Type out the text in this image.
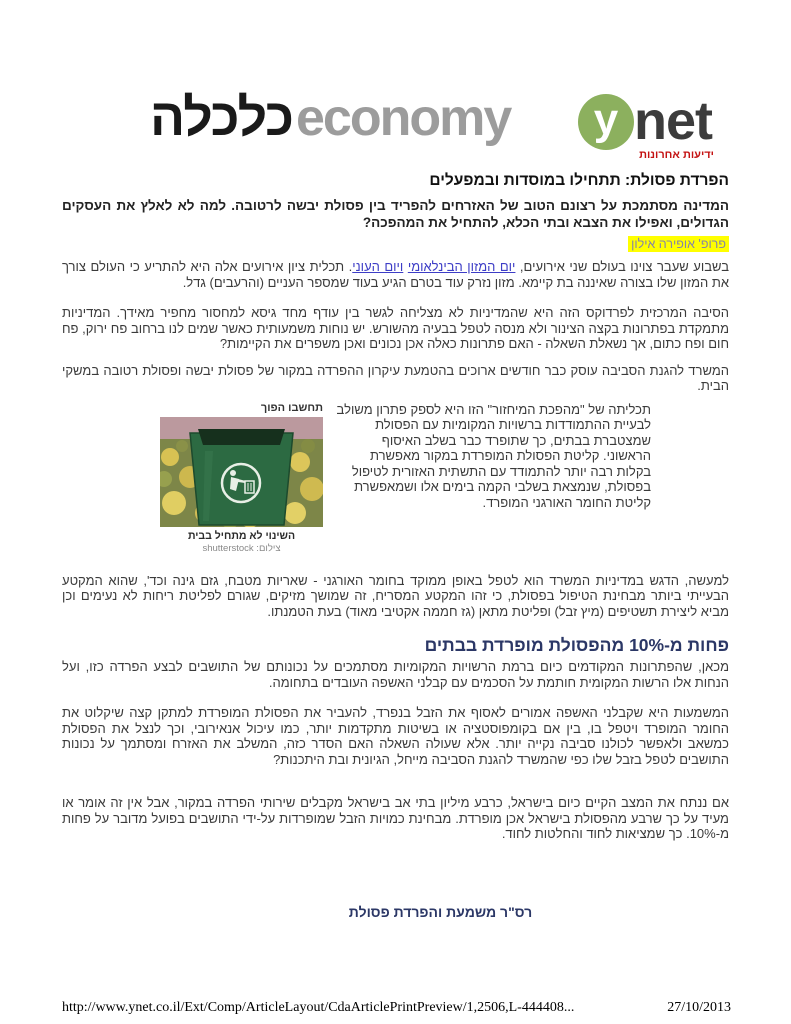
כלכלה economy	y net
ידיעות אחרונות
הפרדת פסולת: תתחילו במוסדות ובמפעלים
המדינה מסתמכת על רצונם הטוב של האזרחים להפריד בין פסולת יבשה לרטובה. למה לא לאלץ את העסקים הגדולים, ואפילו את הצבא ובתי הכלא, להתחיל את המהפכה?
פרופ' אופירה אילון

בשבוע שעבר צוינו בעולם שני אירועים, יום המזון הבינלאומי ויום העוני. תכלית ציון אירועים אלה היא להתריע כי העולם צורך את המזון שלו בצורה שאיננה בת קיימא. מזון נזרק עוד בטרם הגיע בעוד שמספר העניים (והרעבים) גדל.

הסיבה המרכזית לפרדוקס הזה היא שהמדיניות לא מצליחה לגשר בין עודף מחד גיסא למחסור מחפיר מאידך. המדיניות מתמקדת בפתרונות בקצה הצינור ולא מנסה לטפל בבעיה מהשורש. יש נוחות משמעותית כאשר שמים לנו ברחוב פח ירוק, פח חום ופח כתום, אך נשאלת השאלה - האם פתרונות כאלה אכן נכונים ואכן משפרים את הקיימות?

המשרד להגנת הסביבה עוסק כבר חודשים ארוכים בהטמעת עיקרון ההפרדה במקור של פסולת יבשה ופסולת רטובה במשקי הבית.

תחשבו הפוך
השינוי לא מתחיל בבית
צילום: shutterstock
תכליתה של "מהפכת המיחזור" הזו היא לספק פתרון משולב לבעיית ההתמודדות ברשויות המקומיות עם הפסולת שמצטברת בבתים, כך שתופרד כבר בשלב האיסוף הראשוני. קליטת הפסולת המופרדת במקור מאפשרת בקלות רבה יותר להתמודד עם התשתית האזורית לטיפול בפסולת, שנמצאת בשלבי הקמה בימים אלו ושמאפשרת קליטת החומר האורגני המופרד.

למעשה, הדגש במדיניות המשרד הוא לטפל באופן ממוקד בחומר האורגני - שאריות מטבח, גזם גינה וכד', שהוא המקטע הבעייתי ביותר מבחינת הטיפול בפסולת, כי זהו המקטע המסריח, זה שמושך מזיקים, שגורם לפליטת ריחות לא נעימים וכן מביא ליצירת תשטיפים (מיץ זבל) ופליטת מתאן (גז חממה אקטיבי מאוד) בעת הטמנתו.

פחות מ-10% מהפסולת מופרדת בבתים

מכאן, שהפתרונות המקודמים כיום ברמת הרשויות המקומיות מסתמכים על נכונותם של התושבים לבצע הפרדה כזו, ועל הנחות אלו הרשות המקומית חותמת על הסכמים עם קבלני האשפה העובדים בתחומה.

המשמעות היא שקבלני האשפה אמורים לאסוף את הזבל בנפרד, להעביר את הפסולת המופרדת למתקן קצה שיקלוט את החומר המופרד ויטפל בו, בין אם בקומפוסטציה או בשיטות מתקדמות יותר, כמו עיכול אנאירובי, וכך לנצל את הפסולת כמשאב ולאפשר לכולנו סביבה נקייה יותר. אלא שעולה השאלה האם הסדר כזה, המשלב את האזרח ומסתמך על נכונות התושבים לטפל בזבל שלו כפי שהמשרד להגנת הסביבה מייחל, הגיונית ובת היתכנות?

אם ננתח את המצב הקיים כיום בישראל, כרבע מיליון בתי אב בישראל מקבלים שירותי הפרדה במקור, אבל אין זה אומר או מעיד על כך שרבע מהפסולת בישראל אכן מופרדת. מבחינת כמויות הזבל שמופרדות על-ידי התושבים בפועל מדובר על פחות מ-10%. כך שמציאות לחוד והחלטות לחוד.

רס"ר משמעת והפרדת פסולת
http://www.ynet.co.il/Ext/Comp/ArticleLayout/CdaArticlePrintPreview/1,2506,L-444408...	27/10/2013
